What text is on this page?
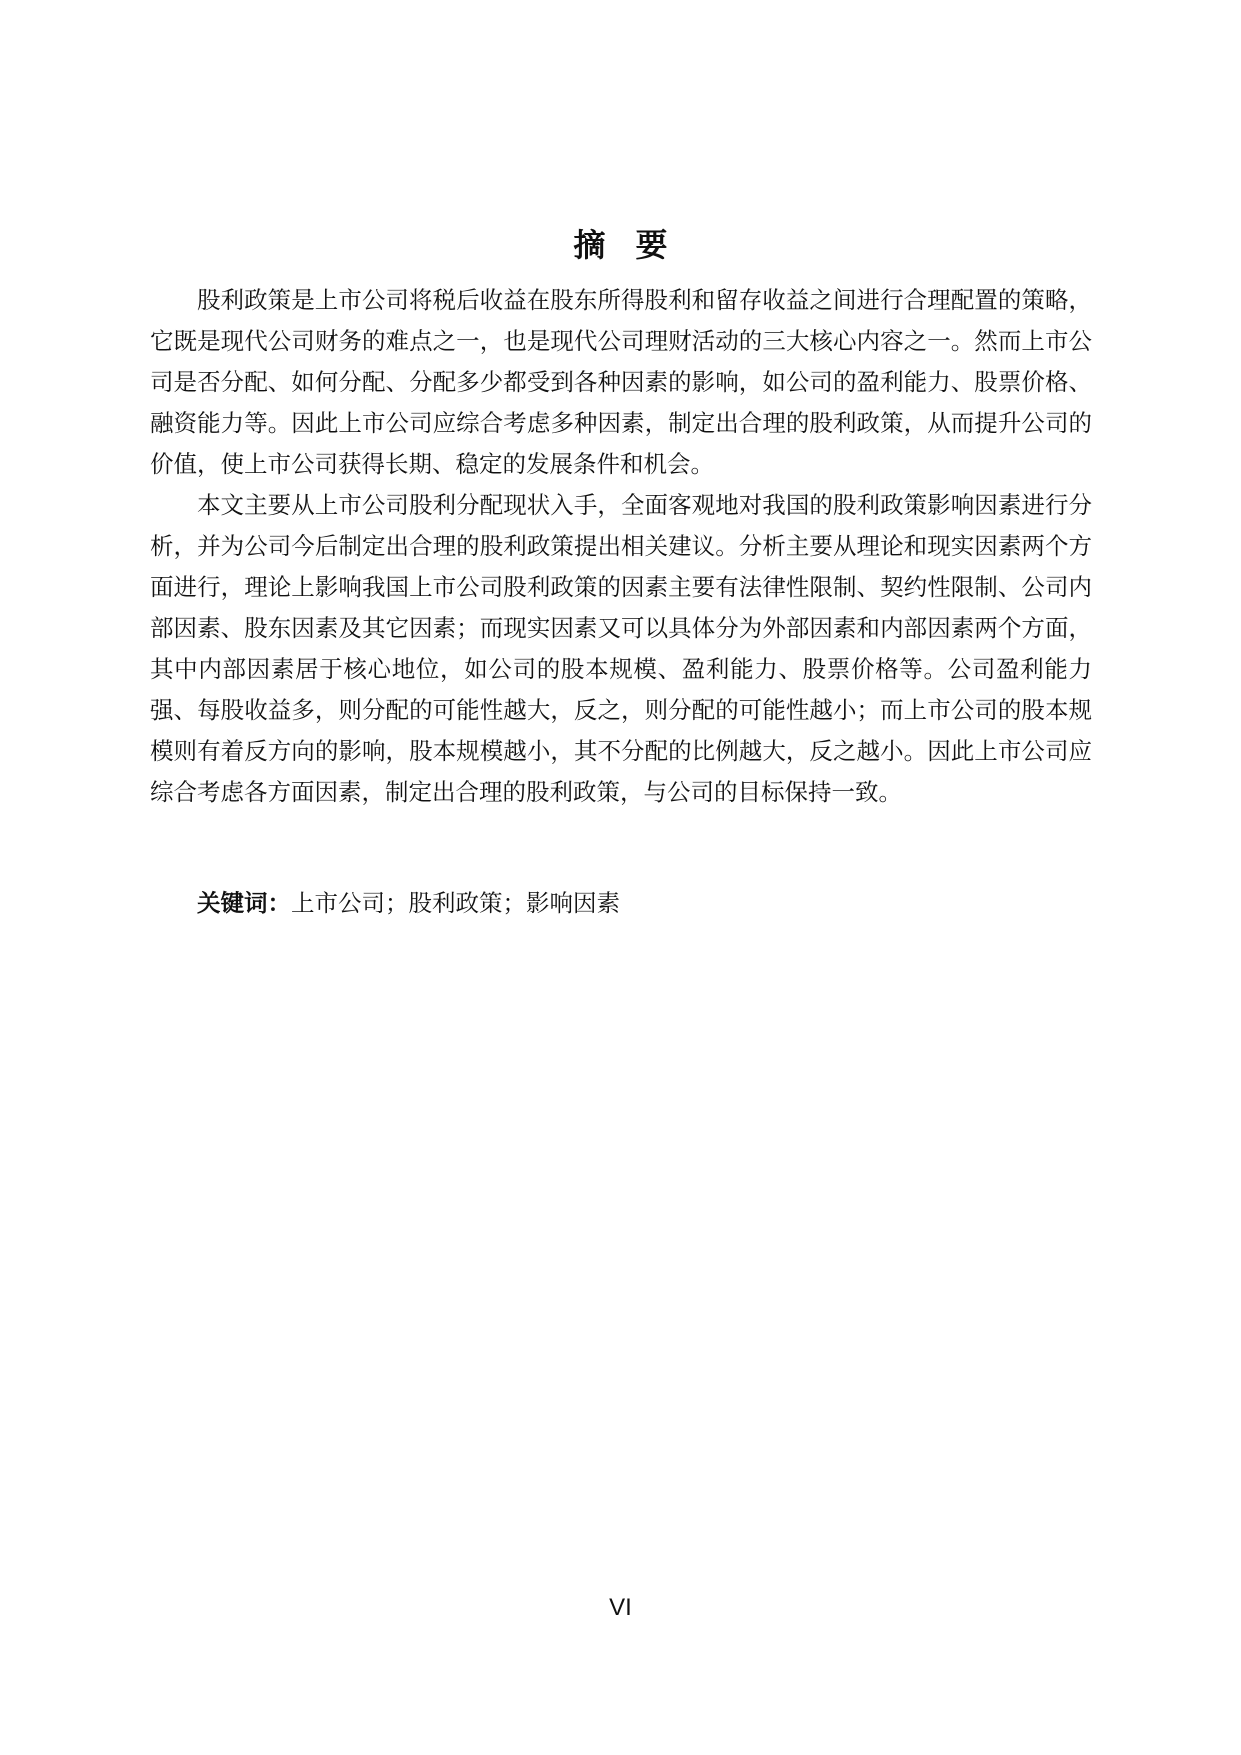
摘要

股利政策是上市公司将税后收益在股东所得股利和留存收益之间进行合理配置的策略，它既是现代公司财务的难点之一，也是现代公司理财活动的三大核心内容之一。然而上市公司是否分配、如何分配、分配多少都受到各种因素的影响，如公司的盈利能力、股票价格、融资能力等。因此上市公司应综合考虑多种因素，制定出合理的股利政策，从而提升公司的价值，使上市公司获得长期、稳定的发展条件和机会。

本文主要从上市公司股利分配现状入手，全面客观地对我国的股利政策影响因素进行分析，并为公司今后制定出合理的股利政策提出相关建议。分析主要从理论和现实因素两个方面进行，理论上影响我国上市公司股利政策的因素主要有法律性限制、契约性限制、公司内部因素、股东因素及其它因素；而现实因素又可以具体分为外部因素和内部因素两个方面，其中内部因素居于核心地位，如公司的股本规模、盈利能力、股票价格等。公司盈利能力强、每股收益多，则分配的可能性越大，反之，则分配的可能性越小；而上市公司的股本规模则有着反方向的影响，股本规模越小，其不分配的比例越大，反之越小。因此上市公司应综合考虑各方面因素，制定出合理的股利政策，与公司的目标保持一致。

关键词：上市公司；股利政策；影响因素
VI
